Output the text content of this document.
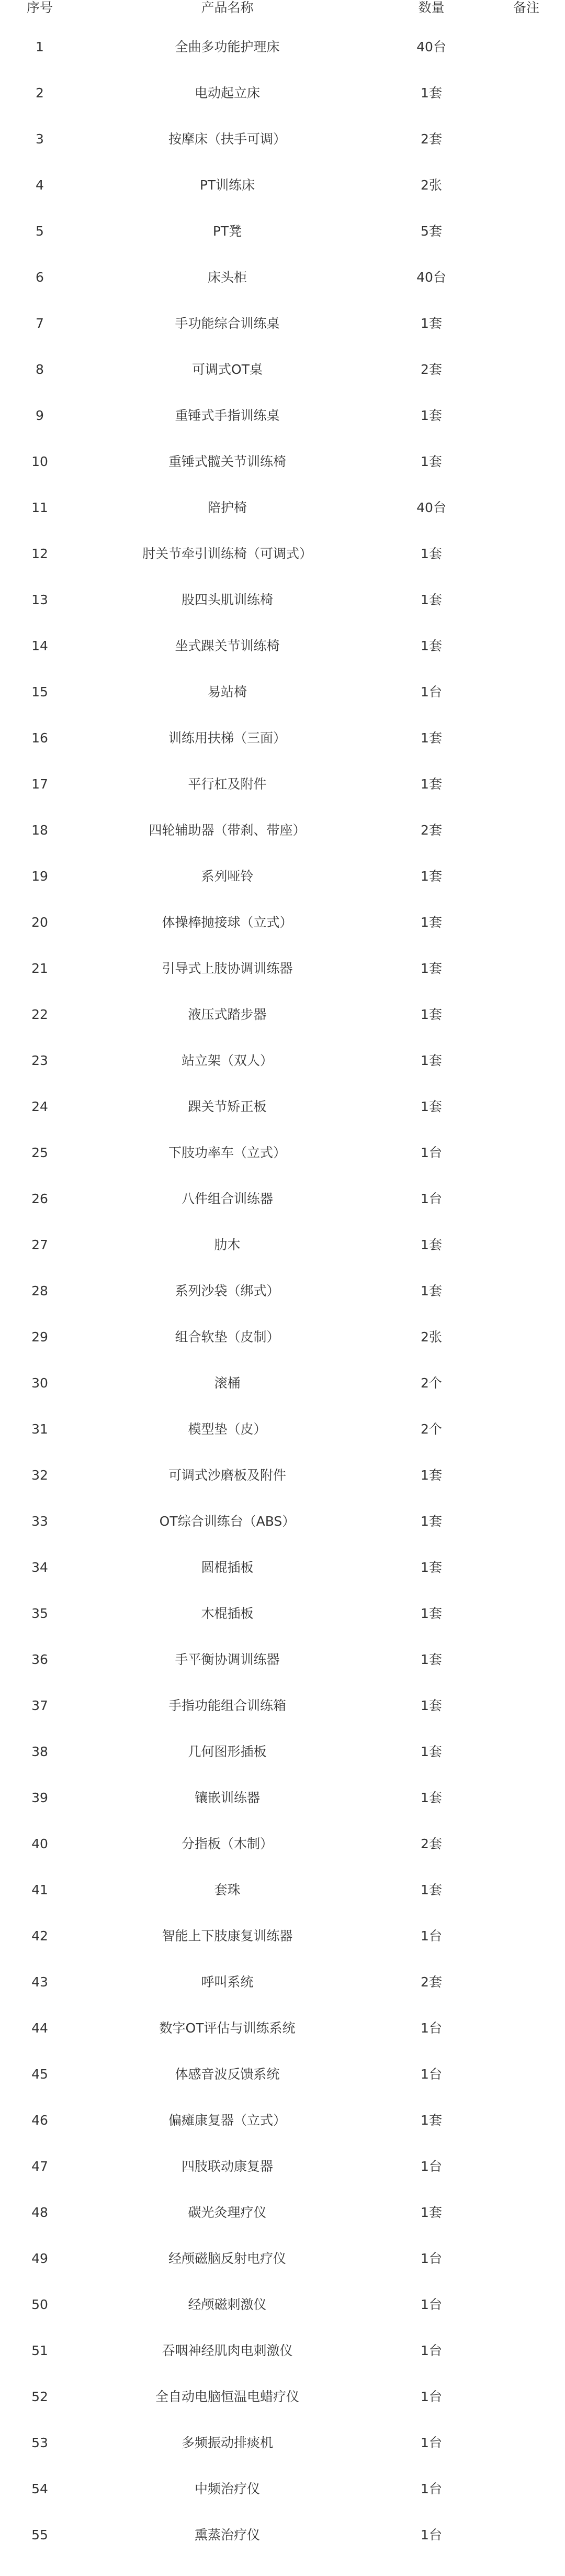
序号	产品名称	数量	备注
1	全曲多功能护理床	40台
2	电动起立床	1套
3	按摩床（扶手可调）	2套
4	PT训练床	2张
5	PT凳	5套
6	床头柜	40台
7	手功能综合训练桌	1套
8	可调式OT桌	2套
9	重锤式手指训练桌	1套
10	重锤式髋关节训练椅	1套
11	陪护椅	40台
12	肘关节牵引训练椅（可调式）	1套
13	股四头肌训练椅	1套
14	坐式踝关节训练椅	1套
15	易站椅	1台
16	训练用扶梯（三面）	1套
17	平行杠及附件	1套
18	四轮辅助器（带刹、带座）	2套
19	系列哑铃	1套
20	体操棒抛接球（立式）	1套
21	引导式上肢协调训练器	1套
22	液压式踏步器	1套
23	站立架（双人）	1套
24	踝关节矫正板	1套
25	下肢功率车（立式）	1台
26	八件组合训练器	1台
27	肋木	1套
28	系列沙袋（绑式）	1套
29	组合软垫（皮制）	2张
30	滚桶	2个
31	模型垫（皮）	2个
32	可调式沙磨板及附件	1套
33	OT综合训练台（ABS）	1套
34	圆棍插板	1套
35	木棍插板	1套
36	手平衡协调训练器	1套
37	手指功能组合训练箱	1套
38	几何图形插板	1套
39	镶嵌训练器	1套
40	分指板（木制）	2套
41	套珠	1套
42	智能上下肢康复训练器	1台
43	呼叫系统	2套
44	数字OT评估与训练系统	1台
45	体感音波反馈系统	1台
46	偏瘫康复器（立式）	1套
47	四肢联动康复器	1台
48	碳光灸理疗仪	1套
49	经颅磁脑反射电疗仪	1台
50	经颅磁刺激仪	1台
51	吞咽神经肌肉电刺激仪	1台
52	全自动电脑恒温电蜡疗仪	1台
53	多频振动排痰机	1台
54	中频治疗仪	1台
55	熏蒸治疗仪	1台
